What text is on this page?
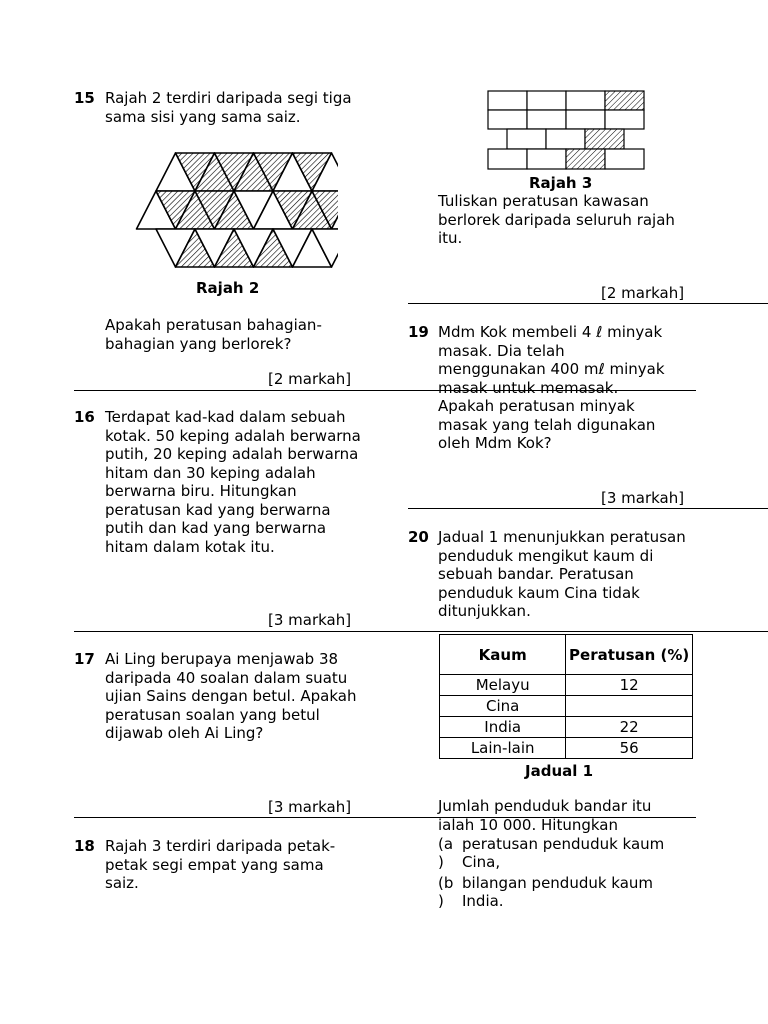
15 Rajah 2 terdiri daripada segi tiga sama sisi yang sama saiz.
Rajah 2
Apakah peratusan bahagian-bahagian yang berlorek?
[2 markah]
16 Terdapat kad-kad dalam sebuah kotak. 50 keping adalah berwarna putih, 20 keping adalah berwarna hitam dan 30 keping adalah berwarna biru. Hitungkan peratusan kad yang berwarna putih dan kad yang berwarna hitam dalam kotak itu.
[3 markah]
17 Ai Ling berupaya menjawab 38 daripada 40 soalan dalam suatu ujian Sains dengan betul. Apakah peratusan soalan yang betul dijawab oleh Ai Ling?
[3 markah]
18 Rajah 3 terdiri daripada petak-petak segi empat yang sama saiz.
Rajah 3
Tuliskan peratusan kawasan berlorek daripada seluruh rajah itu.
[2 markah]
19 Mdm Kok membeli 4 ℓ minyak
masak. Dia telah
menggunakan 400 mℓ minyak
masak untuk memasak.
Apakah peratusan minyak
masak yang telah digunakan
oleh Mdm Kok?
[3 markah]
20 Jadual 1 menunjukkan peratusan penduduk mengikut kaum di sebuah bandar. Peratusan penduduk kaum Cina tidak ditunjukkan.
Kaum	Peratusan (%)
Melayu	12
Cina	
India	22
Lain-lain	56
Jadual 1
Jumlah penduduk bandar itu
ialah 10 000. Hitungkan
(a
)
peratusan penduduk kaum
Cina,
(b
)
bilangan penduduk kaum
India.
